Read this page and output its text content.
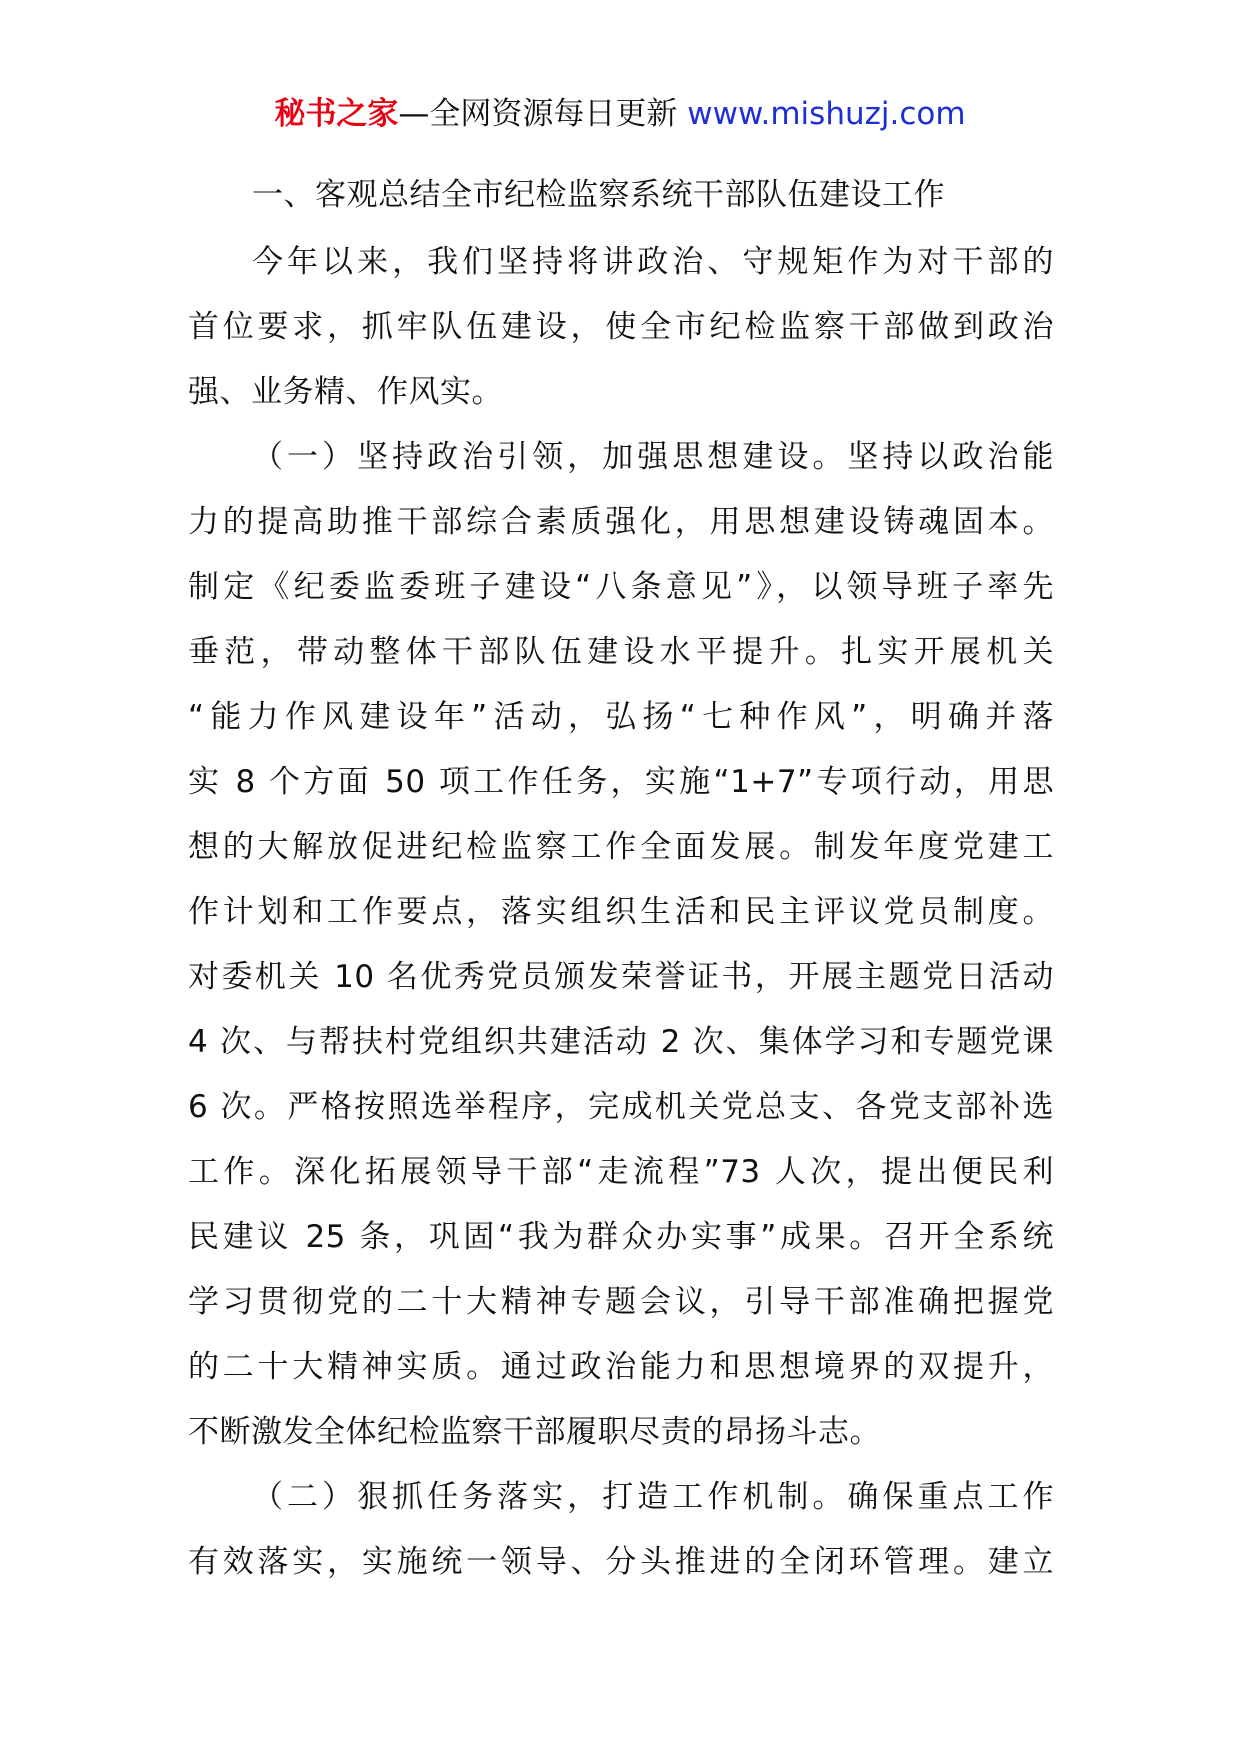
秘书之家—全网资源每日更新 www.mishuzj.com
一、客观总结全市纪检监察系统干部队伍建设工作
今年以来，我们坚持将讲政治、守规矩作为对干部的
首位要求，抓牢队伍建设，使全市纪检监察干部做到政治
强、业务精、作风实。
（一）坚持政治引领，加强思想建设。坚持以政治能
力的提高助推干部综合素质强化，用思想建设铸魂固本。
制定《纪委监委班子建设“八条意见”》，以领导班子率先
垂范，带动整体干部队伍建设水平提升。扎实开展机关
“能力作风建设年”活动，弘扬“七种作风”，明确并落
实 8 个方面 50 项工作任务，实施“1+7”专项行动，用思
想的大解放促进纪检监察工作全面发展。制发年度党建工
作计划和工作要点，落实组织生活和民主评议党员制度。
对委机关 10 名优秀党员颁发荣誉证书，开展主题党日活动
4 次、与帮扶村党组织共建活动 2 次、集体学习和专题党课
6 次。严格按照选举程序，完成机关党总支、各党支部补选
工作。深化拓展领导干部“走流程”73 人次，提出便民利
民建议 25 条，巩固“我为群众办实事”成果。召开全系统
学习贯彻党的二十大精神专题会议，引导干部准确把握党
的二十大精神实质。通过政治能力和思想境界的双提升，
不断激发全体纪检监察干部履职尽责的昂扬斗志。
（二）狠抓任务落实，打造工作机制。确保重点工作
有效落实，实施统一领导、分头推进的全闭环管理。建立
